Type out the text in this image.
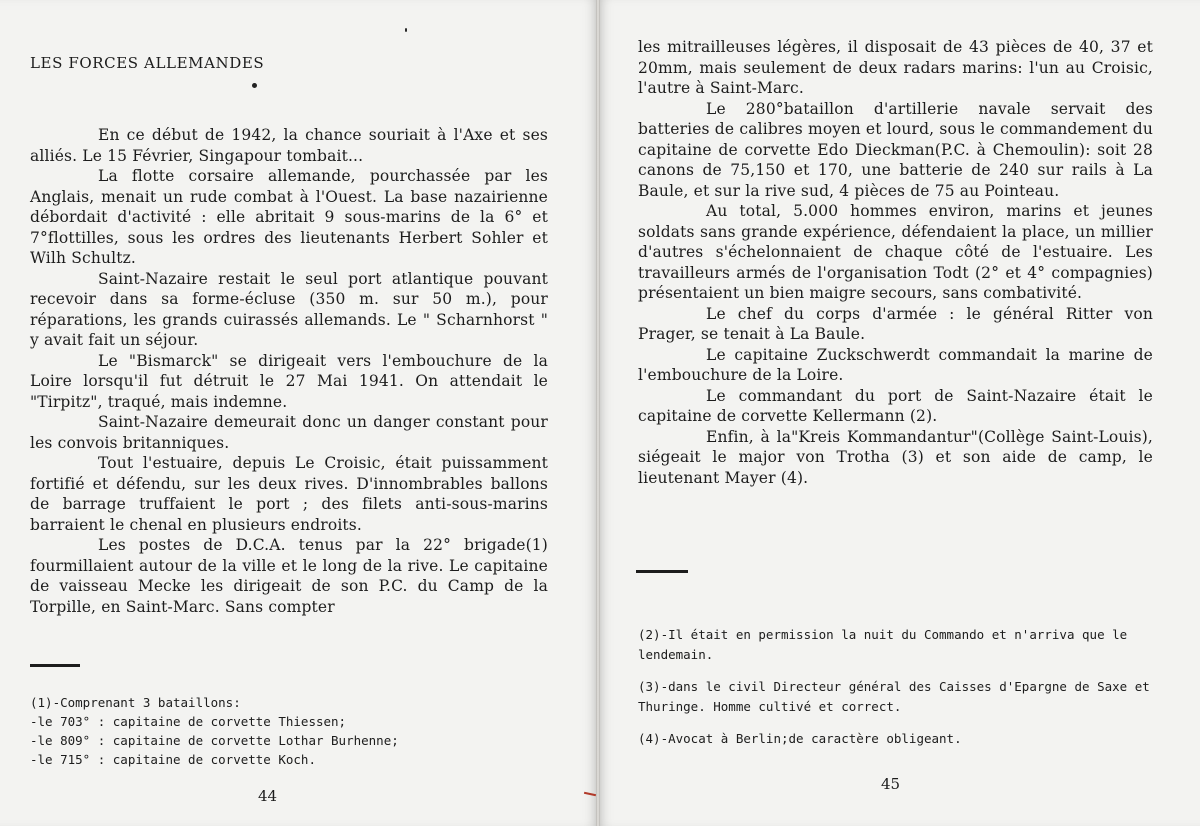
LES FORCES ALLEMANDES

En ce début de 1942, la chance souriait à l'Axe et ses alliés. Le 15 Février, Singapour tombait...

La flotte corsaire allemande, pourchassée par les Anglais, menait un rude combat à l'Ouest. La base nazairienne débordait d'activité : elle abritait 9 sous-marins de la 6° et 7°flottilles, sous les ordres des lieutenants Herbert Sohler et Wilh Schultz.

Saint-Nazaire restait le seul port atlantique pouvant recevoir dans sa forme-écluse (350 m. sur 50 m.), pour réparations, les grands cuirassés allemands. Le " Scharnhorst " y avait fait un séjour.

Le "Bismarck" se dirigeait vers l'embouchure de la Loire lorsqu'il fut détruit le 27 Mai 1941. On attendait le "Tirpitz", traqué, mais indemne.

Saint-Nazaire demeurait donc un danger constant pour les convois britanniques.

Tout l'estuaire, depuis Le Croisic, était puissamment fortifié et défendu, sur les deux rives. D'innombrables ballons de barrage truffaient le port ; des filets anti-sous-marins barraient le chenal en plusieurs endroits.

Les postes de D.C.A. tenus par la 22° brigade(1) fourmillaient autour de la ville et le long de la rive. Le capitaine de vaisseau Mecke les dirigeait de son P.C. du Camp de la Torpille, en Saint-Marc. Sans compter

(1)-Comprenant 3 bataillons:

-le 703° : capitaine de corvette Thiessen;

-le 809° : capitaine de corvette Lothar Burhenne;

-le 715° : capitaine de corvette Koch.

44

les mitrailleuses légères, il disposait de 43 pièces de 40, 37 et 20mm, mais seulement de deux radars marins: l'un au Croisic, l'autre à Saint-Marc.

Le 280°bataillon d'artillerie navale servait des batteries de calibres moyen et lourd, sous le commandement du capitaine de corvette Edo Dieckman(P.C. à Chemoulin): soit 28 canons de 75,150 et 170, une batterie de 240 sur rails à La Baule, et sur la rive sud, 4 pièces de 75 au Pointeau.

Au total, 5.000 hommes environ, marins et jeunes soldats sans grande expérience, défendaient la place, un millier d'autres s'échelonnaient de chaque côté de l'estuaire. Les travailleurs armés de l'organisation Todt (2° et 4° compagnies) présentaient un bien maigre secours, sans combativité.

Le chef du corps d'armée : le général Ritter von Prager, se tenait à La Baule.

Le capitaine Zuckschwerdt commandait la marine de l'embouchure de la Loire.

Le commandant du port de Saint-Nazaire était le capitaine de corvette Kellermann (2).

Enfin, à la"Kreis Kommandantur"(Collège Saint-Louis), siégeait le major von Trotha (3) et son aide de camp, le lieutenant Mayer (4).

(2)-Il était en permission la nuit du Commando et n'arriva que le lendemain.

(3)-dans le civil Directeur général des Caisses d'Epargne de Saxe et Thuringe. Homme cultivé et correct.

(4)-Avocat à Berlin;de caractère obligeant.

45
